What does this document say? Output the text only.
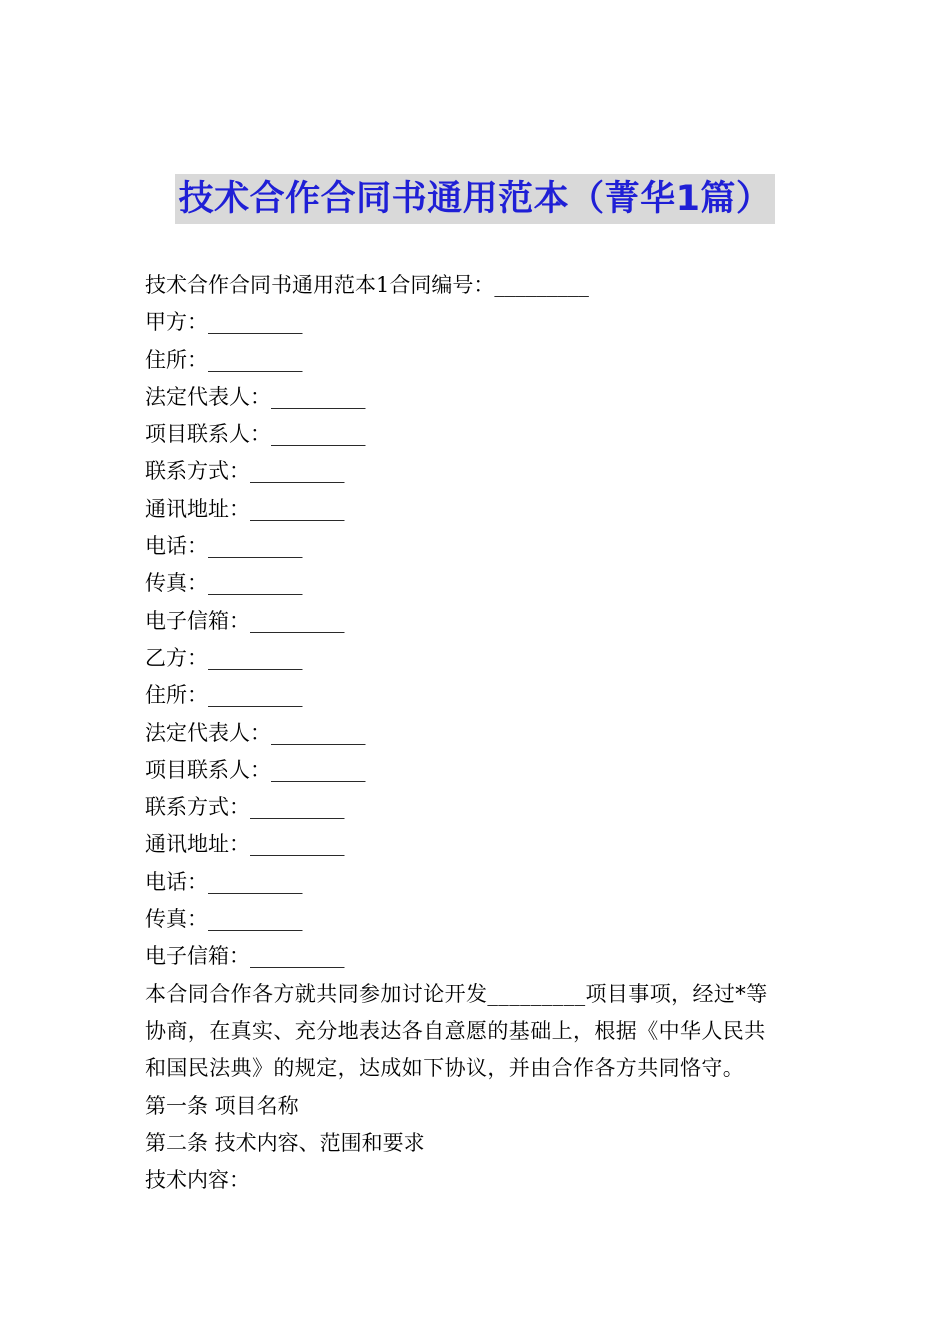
技术合作合同书通用范本（菁华1篇）
技术合作合同书通用范本1合同编号：_________
甲方：_________
住所：_________
法定代表人：_________
项目联系人：_________
联系方式：_________
通讯地址：_________
电话：_________
传真：_________
电子信箱：_________
乙方：_________
住所：_________
法定代表人：_________
项目联系人：_________
联系方式：_________
通讯地址：_________
电话：_________
传真：_________
电子信箱：_________
本合同合作各方就共同参加讨论开发_________项目事项，经过*等
协商，在真实、充分地表达各自意愿的基础上，根据《中华人民共
和国民法典》的规定，达成如下协议，并由合作各方共同恪守。
第一条 项目名称
第二条 技术内容、范围和要求
技术内容：
